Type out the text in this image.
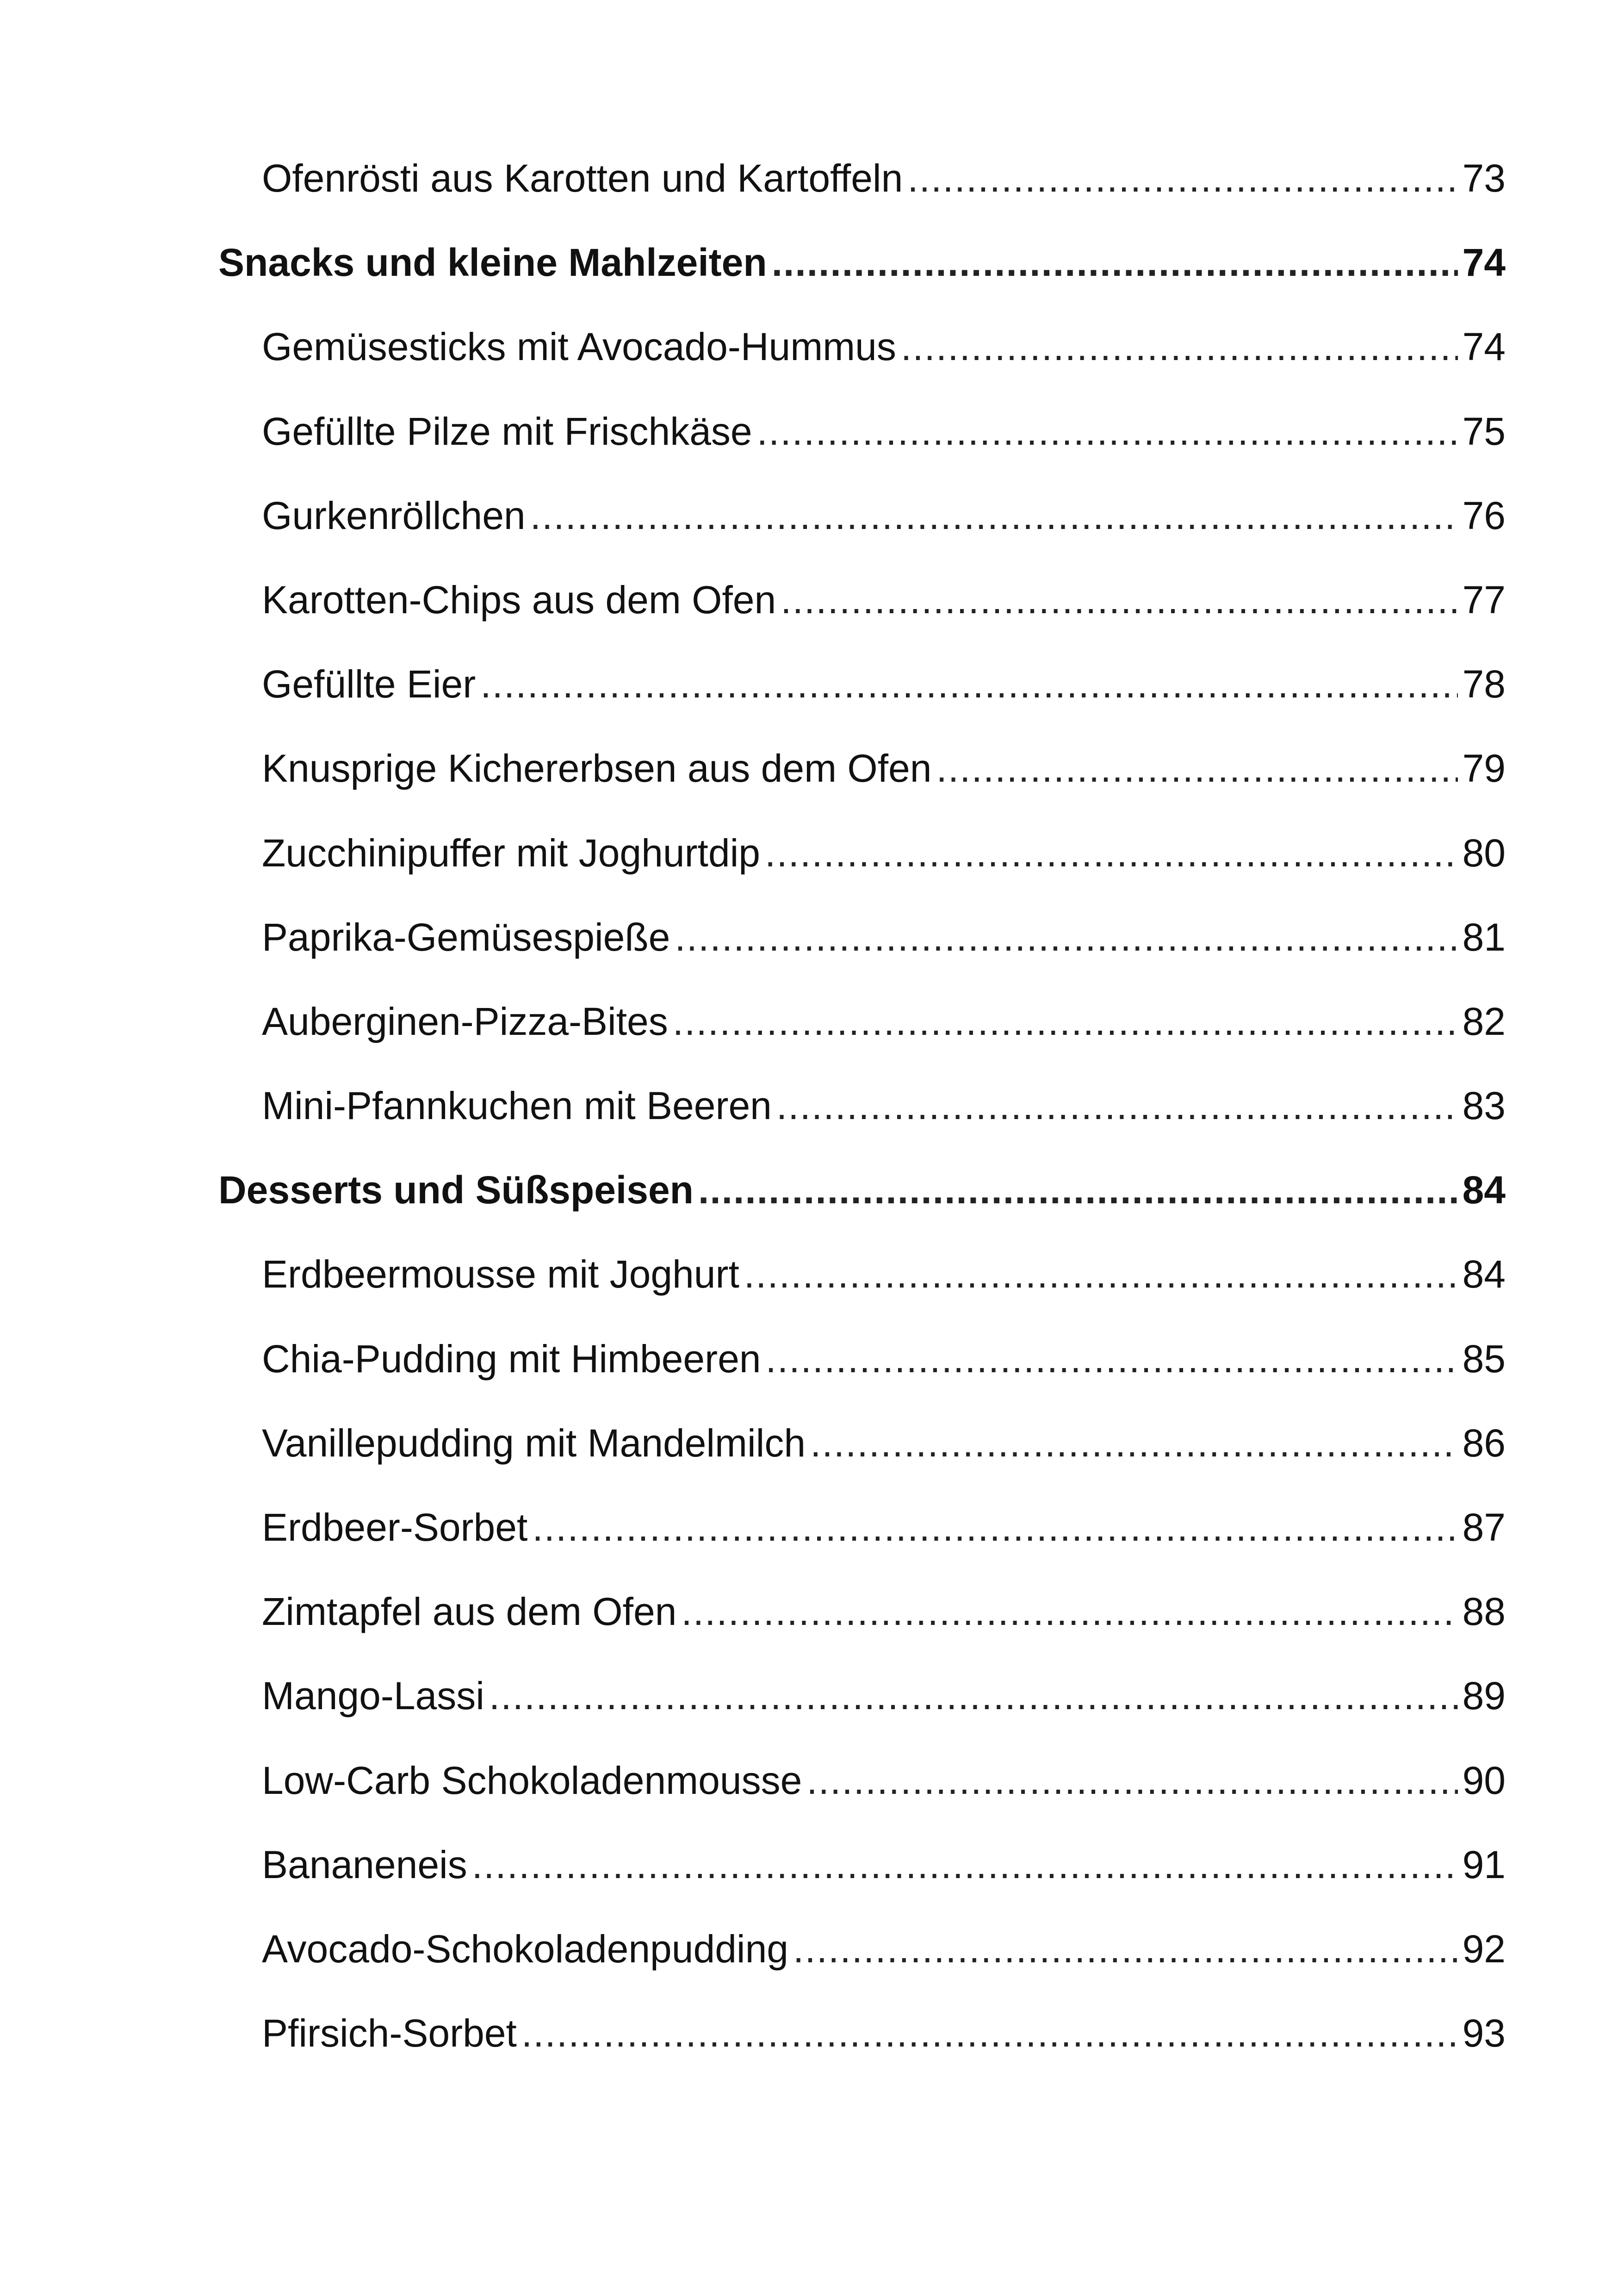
Ofenrösti aus Karotten und Kartoffeln .....	73
Snacks und kleine Mahlzeiten .....	74
Gemüsesticks mit Avocado-Hummus .....	74
Gefüllte Pilze mit Frischkäse .....	75
Gurkenröllchen .....	76
Karotten-Chips aus dem Ofen .....	77
Gefüllte Eier .....	78
Knusprige Kichererbsen aus dem Ofen .....	79
Zucchinipuffer mit Joghurtdip .....	80
Paprika-Gemüsespieße .....	81
Auberginen-Pizza-Bites .....	82
Mini-Pfannkuchen mit Beeren .....	83
Desserts und Süßspeisen .....	84
Erdbeermousse mit Joghurt .....	84
Chia-Pudding mit Himbeeren .....	85
Vanillepudding mit Mandelmilch .....	86
Erdbeer-Sorbet .....	87
Zimtapfel aus dem Ofen .....	88
Mango-Lassi .....	89
Low-Carb Schokoladenmousse .....	90
Bananeneis .....	91
Avocado-Schokoladenpudding .....	92
Pfirsich-Sorbet .....	93
